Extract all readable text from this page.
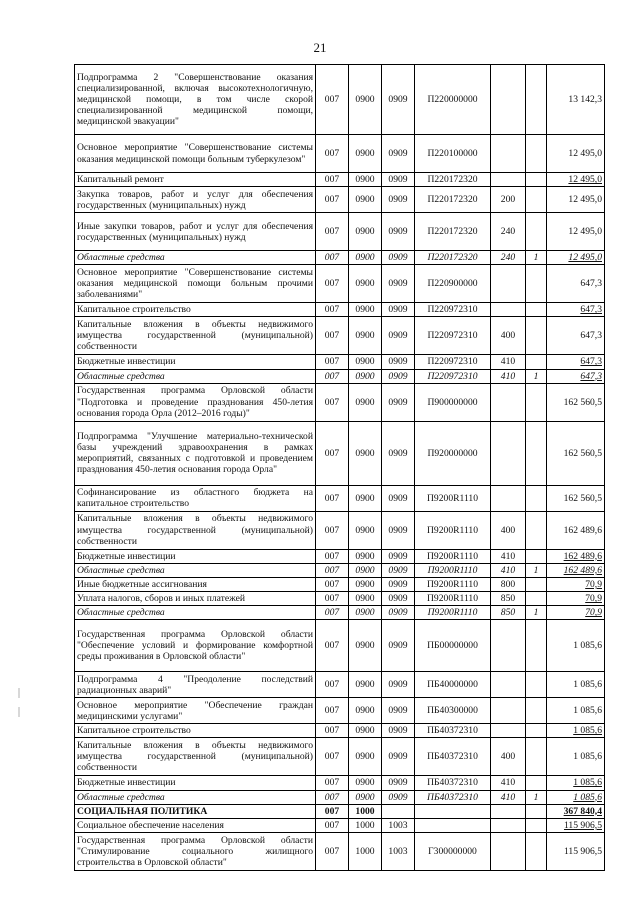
21
Подпрограмма 2 "Совершенствование оказания специализированной, включая высокотехнологичную, медицинской помощи, в том числе скорой специализированной медицинской помощи, медицинской эвакуации"	007	0900	0909	П220000000			13 142,3
Основное мероприятие "Совершенствование системы оказания медицинской помощи больным туберкулезом"	007	0900	0909	П220100000			12 495,0
Капитальный ремонт	007	0900	0909	П220172320			12 495,0
Закупка товаров, работ и услуг для обеспечения государственных (муниципальных) нужд	007	0900	0909	П220172320	200		12 495,0
Иные закупки товаров, работ и услуг для обеспечения государственных (муниципальных) нужд	007	0900	0909	П220172320	240		12 495,0
Областные средства	007	0900	0909	П220172320	240	1	12 495,0
Основное мероприятие "Совершенствование системы оказания медицинской помощи больным прочими заболеваниями"	007	0900	0909	П220900000			647,3
Капитальное строительство	007	0900	0909	П220972310			647,3
Капитальные вложения в объекты недвижимого имущества государственной (муниципальной) собственности	007	0900	0909	П220972310	400		647,3
Бюджетные инвестиции	007	0900	0909	П220972310	410		647,3
Областные средства	007	0900	0909	П220972310	410	1	647,3
Государственная программа Орловской области "Подготовка и проведение празднования 450-летия основания города Орла (2012–2016 годы)"	007	0900	0909	П900000000			162 560,5
Подпрограмма "Улучшение материально-технической базы учреждений здравоохранения в рамках мероприятий, связанных с подготовкой и проведением празднования 450-летия основания города Орла"	007	0900	0909	П920000000			162 560,5
Софинансирование из областного бюджета на капитальное строительство	007	0900	0909	П9200R1110			162 560,5
Капитальные вложения в объекты недвижимого имущества государственной (муниципальной) собственности	007	0900	0909	П9200R1110	400		162 489,6
Бюджетные инвестиции	007	0900	0909	П9200R1110	410		162 489,6
Областные средства	007	0900	0909	П9200R1110	410	1	162 489,6
Иные бюджетные ассигнования	007	0900	0909	П9200R1110	800		70,9
Уплата налогов, сборов и иных платежей	007	0900	0909	П9200R1110	850		70,9
Областные средства	007	0900	0909	П9200R1110	850	1	70,9
Государственная программа Орловской области "Обеспечение условий и формирование комфортной среды проживания в Орловской области"	007	0900	0909	ПБ00000000			1 085,6
Подпрограмма 4 "Преодоление последствий радиационных аварий"	007	0900	0909	ПБ40000000			1 085,6
Основное мероприятие "Обеспечение граждан медицинскими услугами"	007	0900	0909	ПБ40300000			1 085,6
Капитальное строительство	007	0900	0909	ПБ40372310			1 085,6
Капитальные вложения в объекты недвижимого имущества государственной (муниципальной) собственности	007	0900	0909	ПБ40372310	400		1 085,6
Бюджетные инвестиции	007	0900	0909	ПБ40372310	410		1 085,6
Областные средства	007	0900	0909	ПБ40372310	410	1	1 085,6
СОЦИАЛЬНАЯ ПОЛИТИКА	007	1000					367 840,4
Социальное обеспечение населения	007	1000	1003				115 906,5
Государственная программа Орловской области "Стимулирование социального жилищного строительства в Орловской области"	007	1000	1003	Г300000000			115 906,5
